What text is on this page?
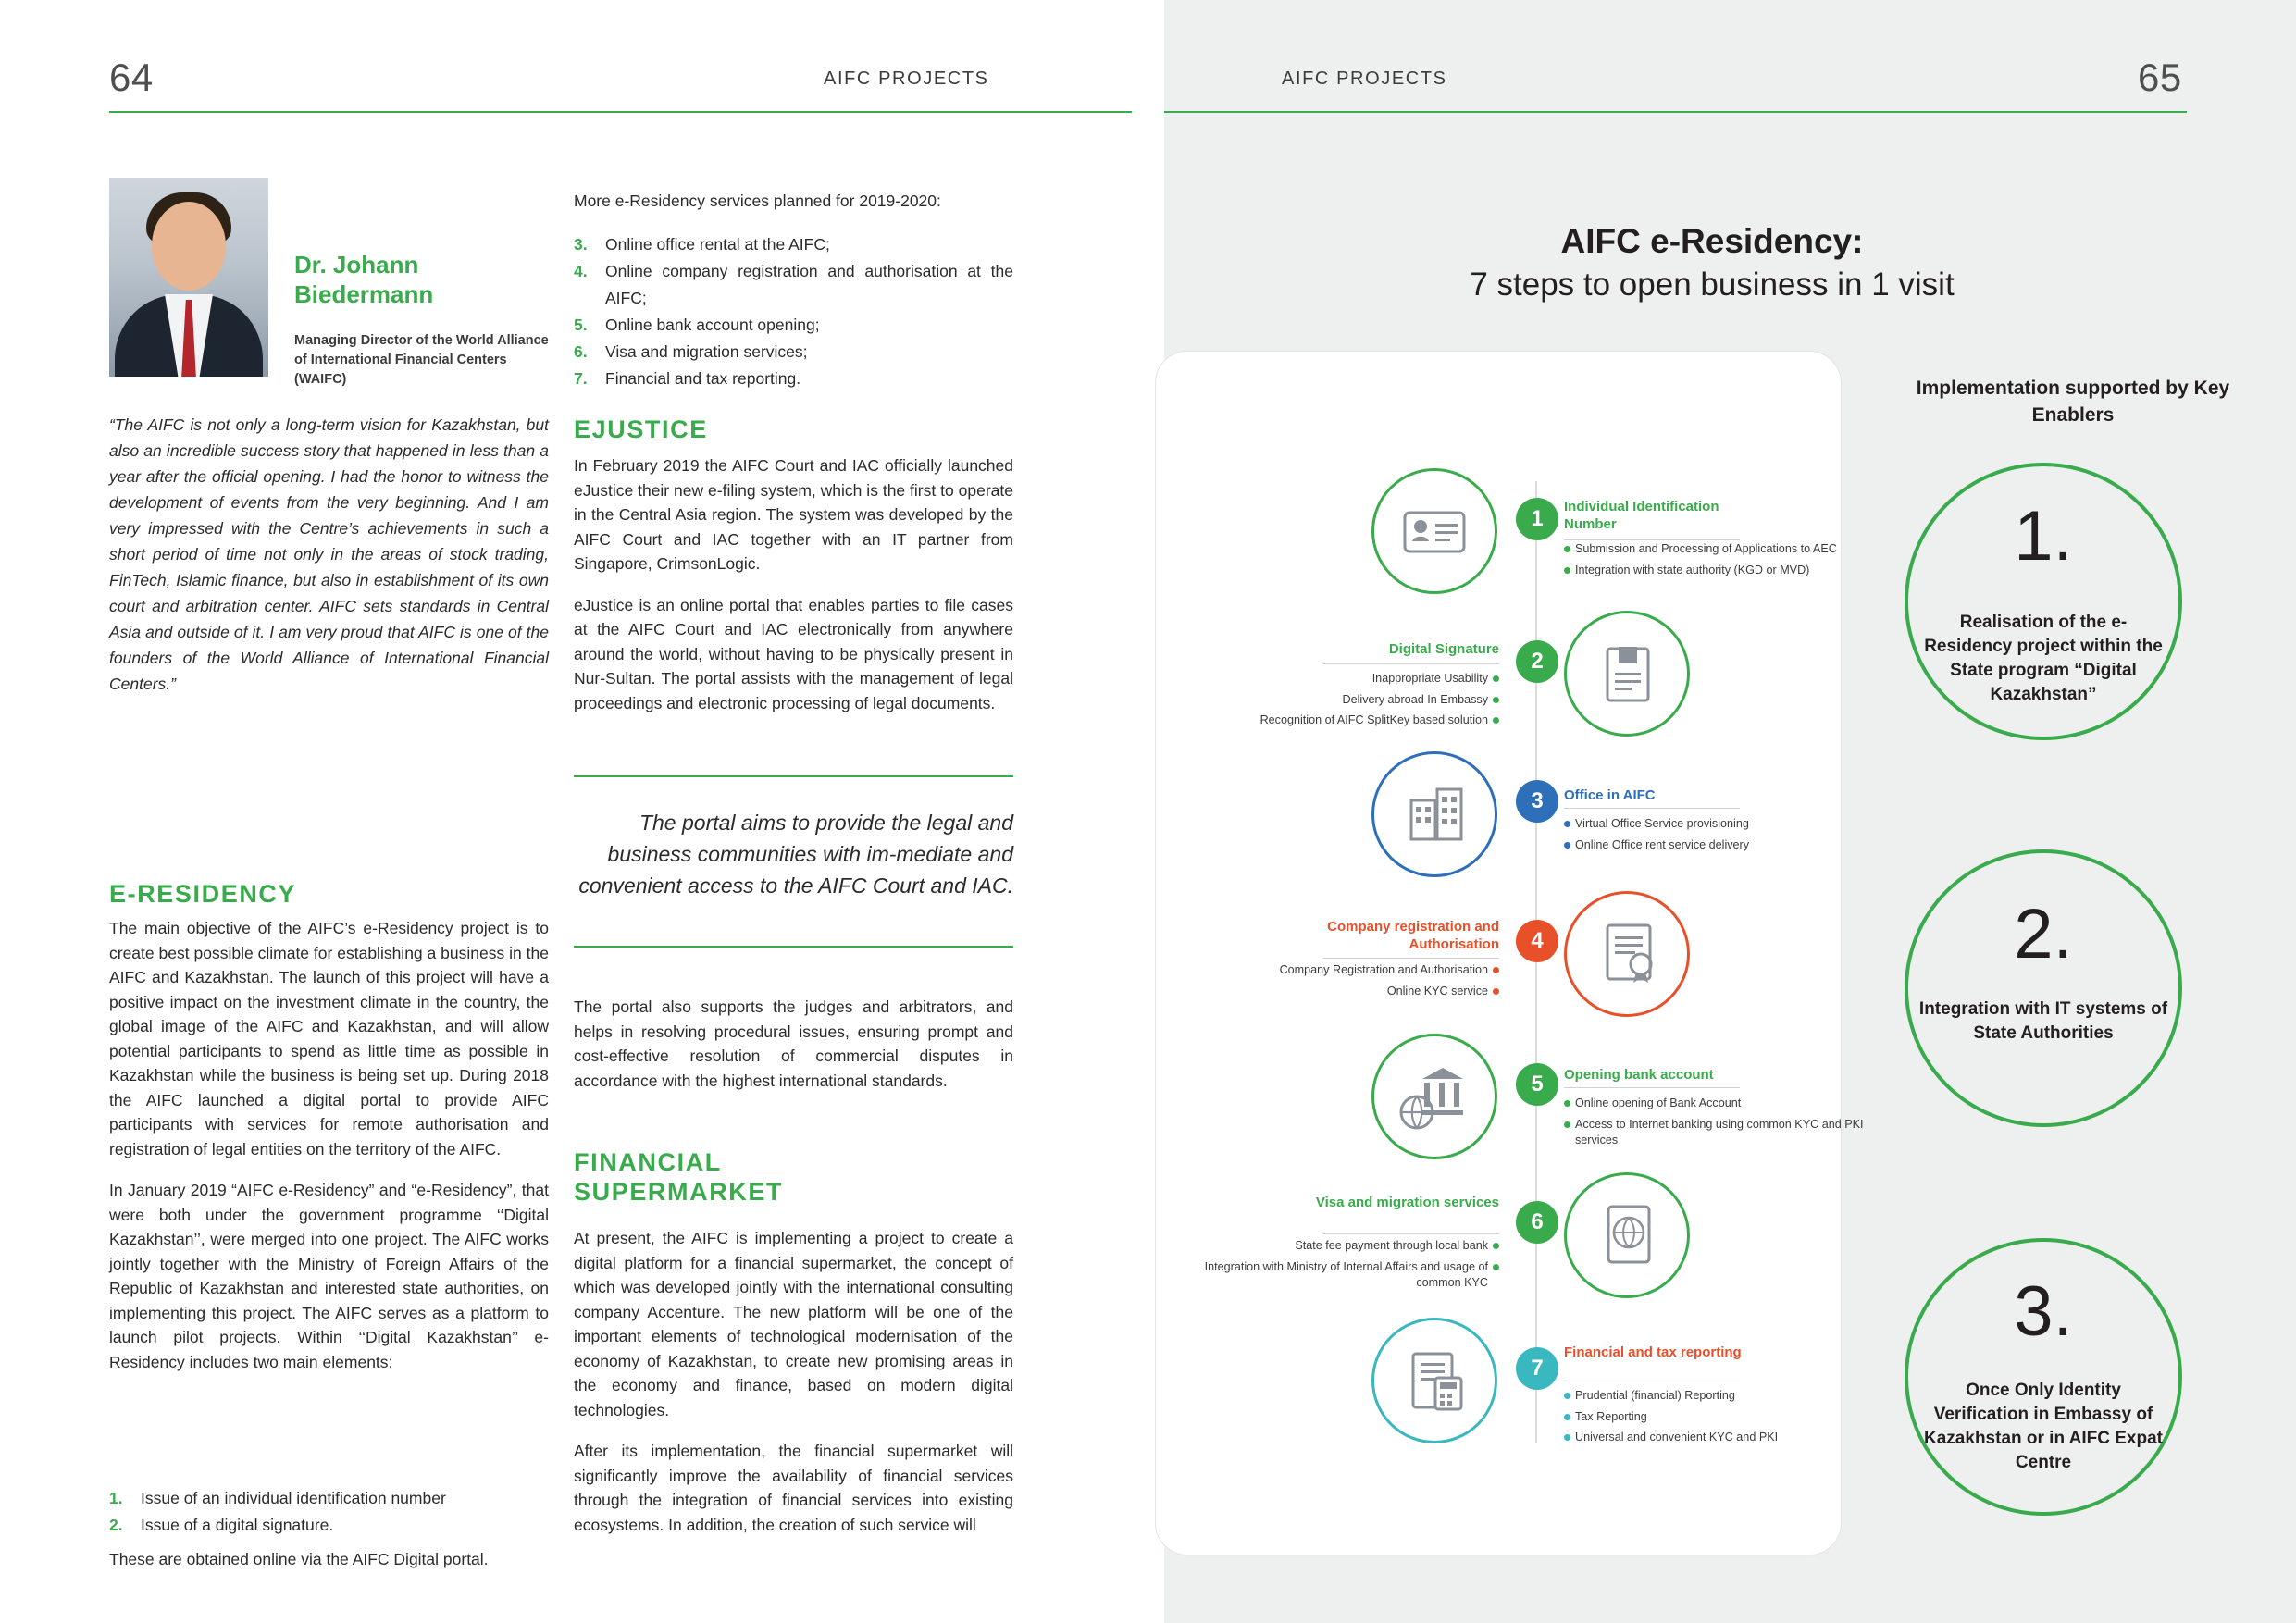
64	AIFC PROJECTS
Dr. Johann Biedermann
Managing Director of the World Alliance of International Financial Centers (WAIFC)
“The AIFC is not only a long-term vision for Kazakhstan, but also an incredible success story that happened in less than a year after the official opening. I had the honor to witness the development of events from the very beginning. And I am very impressed with the Centre’s achievements in such a short period of time not only in the areas of stock trading, FinTech, Islamic finance, but also in establishment of its own court and arbitration center. AIFC sets standards in Central Asia and outside of it. I am very proud that AIFC is one of the founders of the World Alliance of International Financial Centers.”
E-RESIDENCY

The main objective of the AIFC’s e-Residency project is to create best possible climate for establishing a business in the AIFC and Kazakhstan. The launch of this project will have a positive impact on the investment climate in the country, the global image of the AIFC and Kazakhstan, and will allow potential participants to spend as little time as possible in Kazakhstan while the business is being set up. During 2018 the AIFC launched a digital portal to provide AIFC participants with services for remote authorisation and registration of legal entities on the territory of the AIFC.

In January 2019 “AIFC e-Residency” and “e-Residency”, that were both under the government programme ‘‘Digital Kazakhstan’’, were merged into one project. The AIFC works jointly together with the Ministry of Foreign Affairs of the Republic of Kazakhstan and interested state authorities, on implementing this project. The AIFC serves as a platform to launch pilot projects. Within ‘‘Digital Kazakhstan’’ e-Residency includes two main elements:

1.	Issue of an individual identification number
2.	Issue of a digital signature.

These are obtained online via the AIFC Digital portal.

More e-Residency services planned for 2019-2020:

3.	Online office rental at the AIFC;
4.	Online company registration and authorisation at the AIFC;
5.	Online bank account opening;
6.	Visa and migration services;
7.	Financial and tax reporting.
EJUSTICE

In February 2019 the AIFC Court and IAC officially launched eJustice their new e-filing system, which is the first to operate in the Central Asia region. The system was developed by the AIFC Court and IAC together with an IT partner from Singapore, CrimsonLogic.

eJustice is an online portal that enables parties to file cases at the AIFC Court and IAC electronically from anywhere around the world, without having to be physically present in Nur-Sultan. The portal assists with the management of legal proceedings and electronic processing of legal documents.

The portal aims to provide the legal and business communities with im-mediate and convenient access to the AIFC Court and IAC.

The portal also supports the judges and arbitrators, and helps in resolving procedural issues, ensuring prompt and cost-effective resolution of commercial disputes in accordance with the highest international standards.

FINANCIAL SUPERMARKET

At present, the AIFC is implementing a project to create a digital platform for a financial supermarket, the concept of which was developed jointly with the international consulting company Accenture. The new platform will be one of the important elements of technological modernisation of the economy of Kazakhstan, to create new promising areas in the economy and finance, based on modern digital technologies.

After its implementation, the financial supermarket will significantly improve the availability of financial services through the integration of financial services into existing ecosystems. In addition, the creation of such service will

AIFC PROJECTS	65
AIFC e-Residency:
7 steps to open business in 1 visit
1	Individual Identification Number
Submission and Processing of Applications to AEC
Integration with state authority (KGD or MVD)
2
Digital Signature
Inappropriate Usability
Delivery abroad In Embassy
Recognition of AIFC SplitKey based solution
3	Office in AIFC
Virtual Office Service provisioning
Online Office rent service delivery
4
Company registration and Authorisation
Company Registration and Authorisation
Online KYC service
5	Opening bank account
Online opening of Bank Account
Access to Internet banking using common KYC and PKI services
6
Visa and migration services
State fee payment through local bank
Integration with Ministry of Internal Affairs and usage of common KYC
7
Financial and tax reporting
Prudential (financial) Reporting
Tax Reporting
Universal and convenient KYC and PKI
Implementation supported by Key Enablers
1.
Realisation of the e-Residency project within the State program “Digital Kazakhstan”
2.
Integration with IT systems of State Authorities
3.
Once Only Identity Verification in Embassy of Kazakhstan or in AIFC Expat Centre
